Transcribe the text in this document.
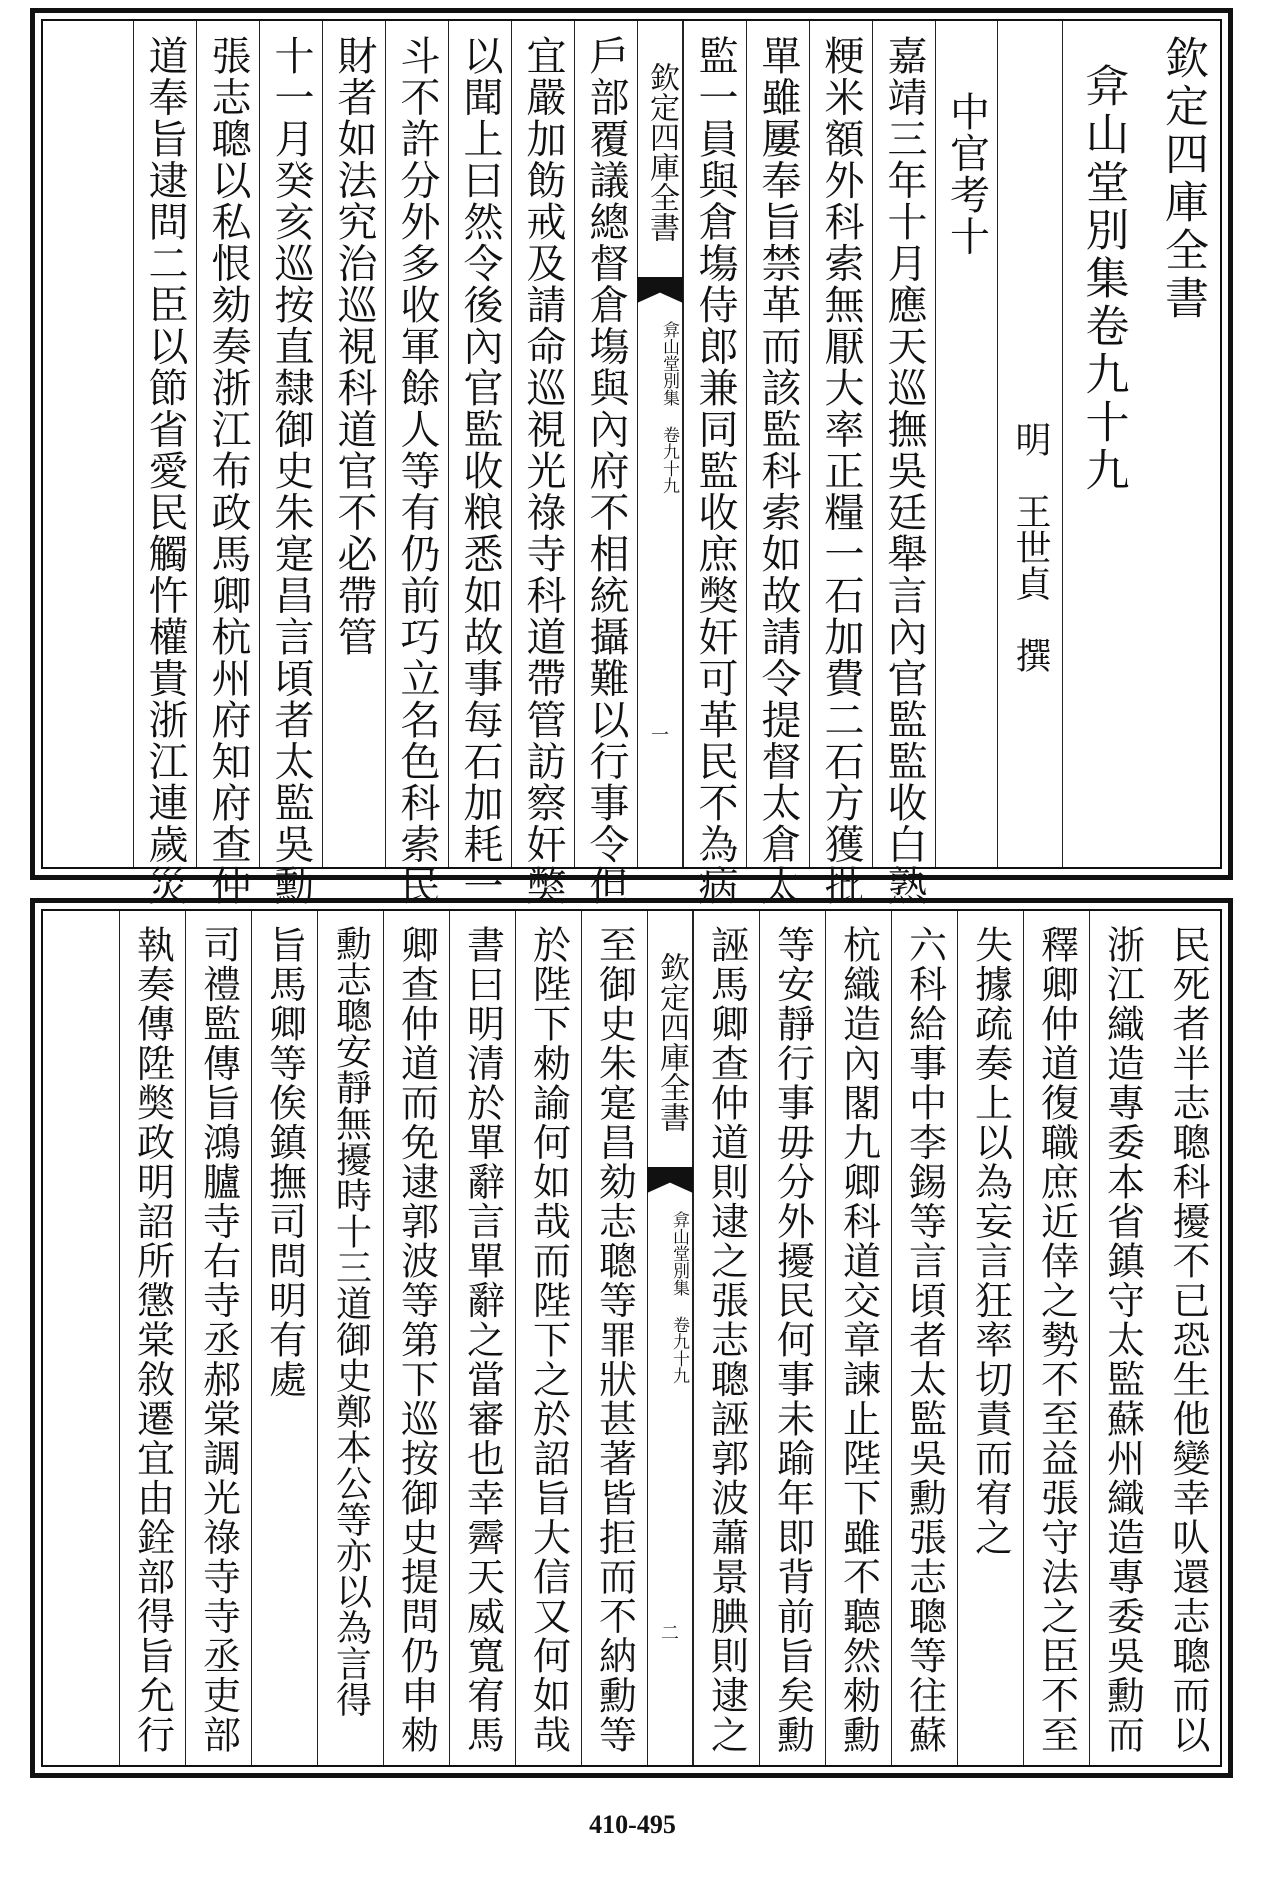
欽定四庫全書
弇山堂別集卷九十九
明　王世貞　撰
中官考十
嘉靖三年十月應天巡撫吳廷舉言內官監監收白熟
粳米額外科索無厭大率正糧一石加費二石方獲批
單雖屢奉旨禁革而該監科索如故請令提督太倉太
監一員與倉塲侍郎兼同監收庶獘奸可革民不為病
欽定四庫全書
弇山堂別集 卷九十九
一
戶部覆議總督倉塲與內府不相統攝難以行事令但
宜嚴加飭戒及請命巡視光祿寺科道帶管訪察奸獘
以聞上曰然令後內官監收粮悉如故事每石加耗一
斗不許分外多收軍餘人等有仍前巧立名色科索民
財者如法究治巡視科道官不必帶管
十一月癸亥巡按直隸御史朱寔昌言頃者太監吳勳
張志聰以私恨劾奏浙江布政馬卿杭州府知府查仲
道奉旨逮問二臣以節省愛民觸忤權貴浙江連歲災
民死者半志聰科擾不已恐生他變幸㕥還志聰而以
浙江織造專委本省鎮守太監蘇州織造專委吳勳而
釋卿仲道復職庶近倖之勢不至益張守法之臣不至
失據疏奏上以為妄言狂率切責而宥之
六科給事中李錫等言頃者太監吳勳張志聰等往蘇
杭織造內閣九卿科道交章諫止陛下雖不聽然勑勳
等安靜行事毋分外擾民何事未踰年即背前旨矣勳
誣馬卿查仲道則逮之張志聰誣郭波蕭景腆則逮之
欽定四庫全書
弇山堂別集 卷九十九
二
至御史朱寔昌劾志聰等罪狀甚著皆拒而不納勳等
於陛下勑諭何如哉而陛下之於詔旨大信又何如哉
書曰明清於單辭言單辭之當審也幸霽天威寬宥馬
卿查仲道而免逮郭波等第下巡按御史提問仍申勑
勳志聰安靜無擾時十三道御史鄭本公等亦以為言得
旨馬卿等俟鎮撫司問明有處
司禮監傳旨鴻臚寺右寺丞郝棠調光祿寺寺丞吏部
執奏傳陞獘政明詔所懲棠敘遷宜由銓部得旨允行
410-495
